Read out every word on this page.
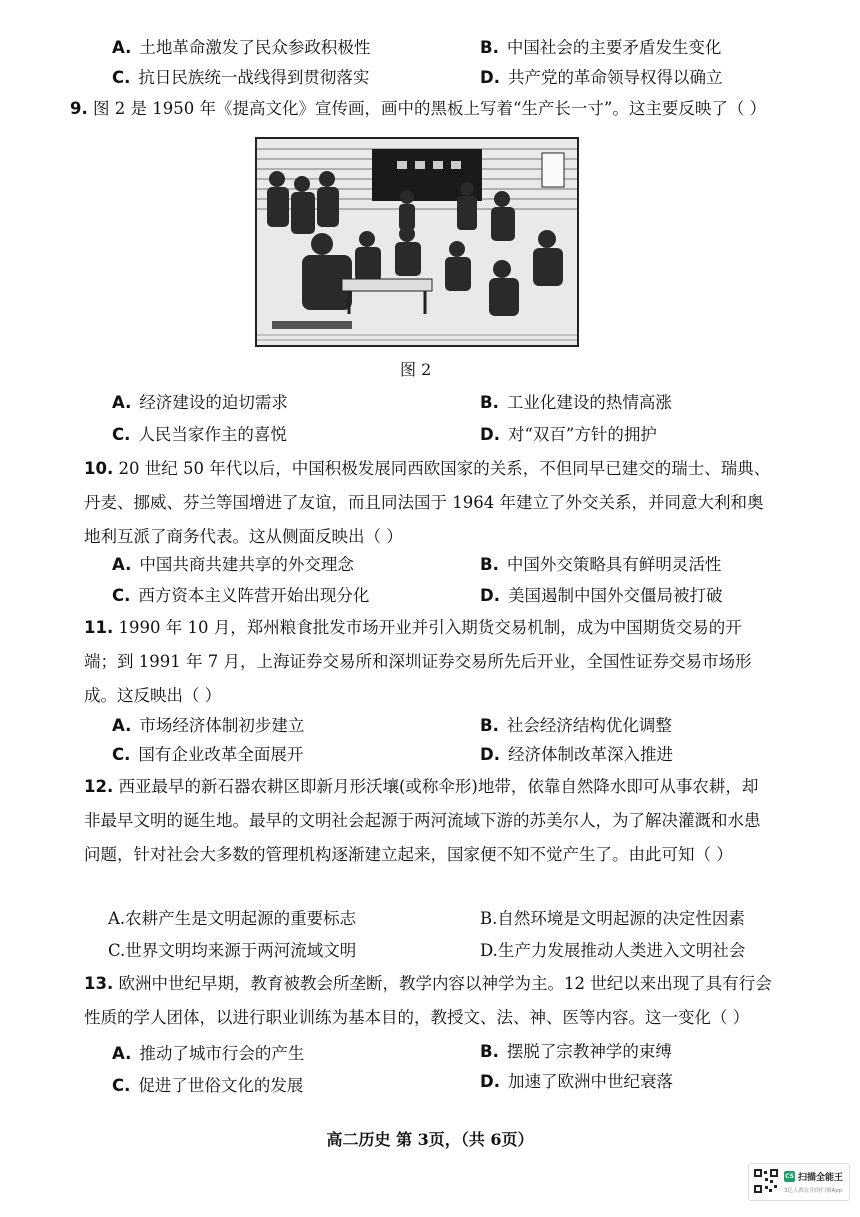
A. 土地革命激发了民众参政积极性	B. 中国社会的主要矛盾发生变化
C. 抗日民族统一战线得到贯彻落实	D. 共产党的革命领导权得以确立
9. 图 2 是 1950 年《提高文化》宣传画，画中的黑板上写着“生产长一寸”。这主要反映了（ ）
图 2
A. 经济建设的迫切需求	B. 工业化建设的热情高涨
C. 人民当家作主的喜悦	D. 对“双百”方针的拥护
10. 20 世纪 50 年代以后，中国积极发展同西欧国家的关系，不但同早已建交的瑞士、瑞典、丹麦、挪威、芬兰等国增进了友谊，而且同法国于 1964 年建立了外交关系，并同意大利和奥地利互派了商务代表。这从侧面反映出（ ）
A. 中国共商共建共享的外交理念	B. 中国外交策略具有鲜明灵活性
C. 西方资本主义阵营开始出现分化	D. 美国遏制中国外交僵局被打破
11. 1990 年 10 月，郑州粮食批发市场开业并引入期货交易机制，成为中国期货交易的开端；到 1991 年 7 月，上海证券交易所和深圳证券交易所先后开业，全国性证券交易市场形成。这反映出（ ）
A. 市场经济体制初步建立	B. 社会经济结构优化调整
C. 国有企业改革全面展开	D. 经济体制改革深入推进
12. 西亚最早的新石器农耕区即新月形沃壤(或称伞形)地带，依靠自然降水即可从事农耕，却非最早文明的诞生地。最早的文明社会起源于两河流域下游的苏美尔人，为了解决灌溉和水患问题，针对社会大多数的管理机构逐渐建立起来，国家便不知不觉产生了。由此可知（ ）
A.农耕产生是文明起源的重要标志	B.自然环境是文明起源的决定性因素
C.世界文明均来源于两河流域文明	D.生产力发展推动人类进入文明社会
13. 欧洲中世纪早期，教育被教会所垄断，教学内容以神学为主。12 世纪以来出现了具有行会性质的学人团体，以进行职业训练为基本目的，教授文、法、神、医等内容。这一变化（ ）
A. 推动了城市行会的产生	B. 摆脱了宗教神学的束缚
C. 促进了世俗文化的发展	D. 加速了欧洲中世纪衰落
高二历史 第 3页，（共 6页）
CS 扫描全能王
3亿人都在用的扫描App
